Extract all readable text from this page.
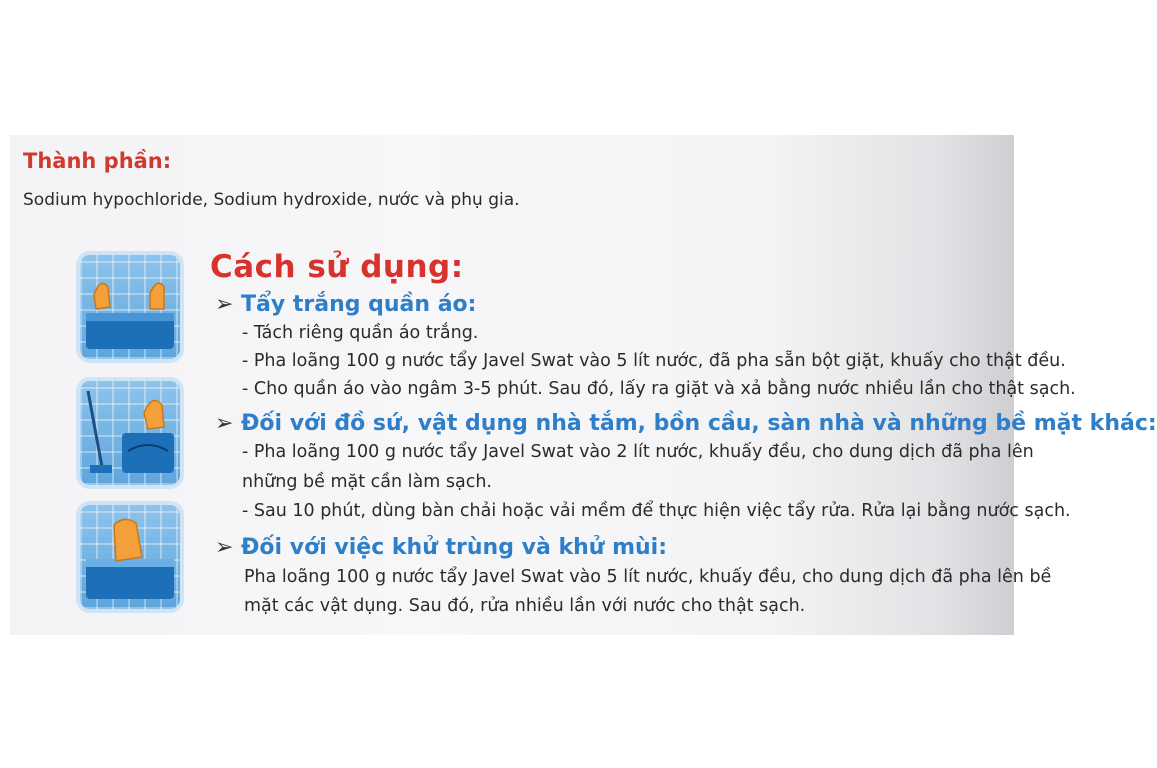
Thành phần:
Sodium hypochloride, Sodium hydroxide, nước và phụ gia.
Cách sử dụng:
➢ Tẩy trắng quần áo:
- Tách riêng quần áo trắng.
- Pha loãng 100 g nước tẩy Javel Swat vào 5 lít nước, đã pha sẵn bột giặt, khuấy cho thật đều.
- Cho quần áo vào ngâm 3-5 phút. Sau đó, lấy ra giặt và xả bằng nước nhiều lần cho thật sạch.
➢ Đối với đồ sứ, vật dụng nhà tắm, bồn cầu, sàn nhà và những bề mặt khác:
- Pha loãng 100 g nước tẩy Javel Swat vào 2 lít nước, khuấy đều, cho dung dịch đã pha lên
những bề mặt cần làm sạch.
- Sau 10 phút, dùng bàn chải hoặc vải mềm để thực hiện việc tẩy rửa. Rửa lại bằng nước sạch.
➢ Đối với việc khử trùng và khử mùi:
Pha loãng 100 g nước tẩy Javel Swat vào 5 lít nước, khuấy đều, cho dung dịch đã pha lên bề
mặt các vật dụng. Sau đó, rửa nhiều lần với nước cho thật sạch.
